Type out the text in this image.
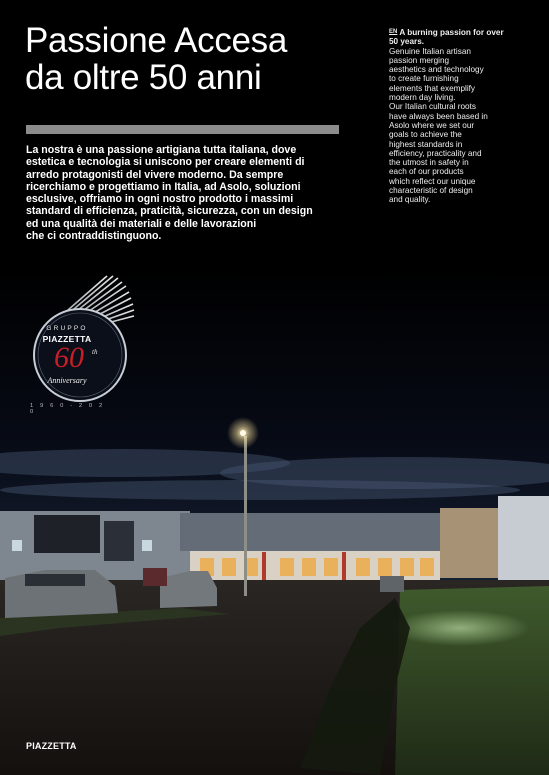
Passione Accesa
da oltre 50 anni
La nostra è una passione artigiana tutta italiana, dove
estetica e tecnologia si uniscono per creare elementi di
arredo protagonisti del vivere moderno. Da sempre
ricerchiamo e progettiamo in Italia, ad Asolo, soluzioni
esclusive, offriamo in ogni nostro prodotto i massimi
standard di efficienza, praticità, sicurezza, con un design
ed una qualità dei materiali e delle lavorazioni
che ci contraddistinguono.
$^{EN}$ A burning passion for over 50 years.
Genuine Italian artisan
passion merging
aesthetics and technology
to create furnishing
elements that exemplify
modern day living.
Our Italian cultural roots
have always been based in
Asolo where we set our
goals to achieve the
highest standards in
efficiency, practicality and
the utmost in safety in
each of our products
which reflect our unique
characteristic of design
and quality.
GRUPPO
PIAZZETTA
60	th
Anniversary
1 9 6 0 - 2 0 2 0
PIAZZETTA
